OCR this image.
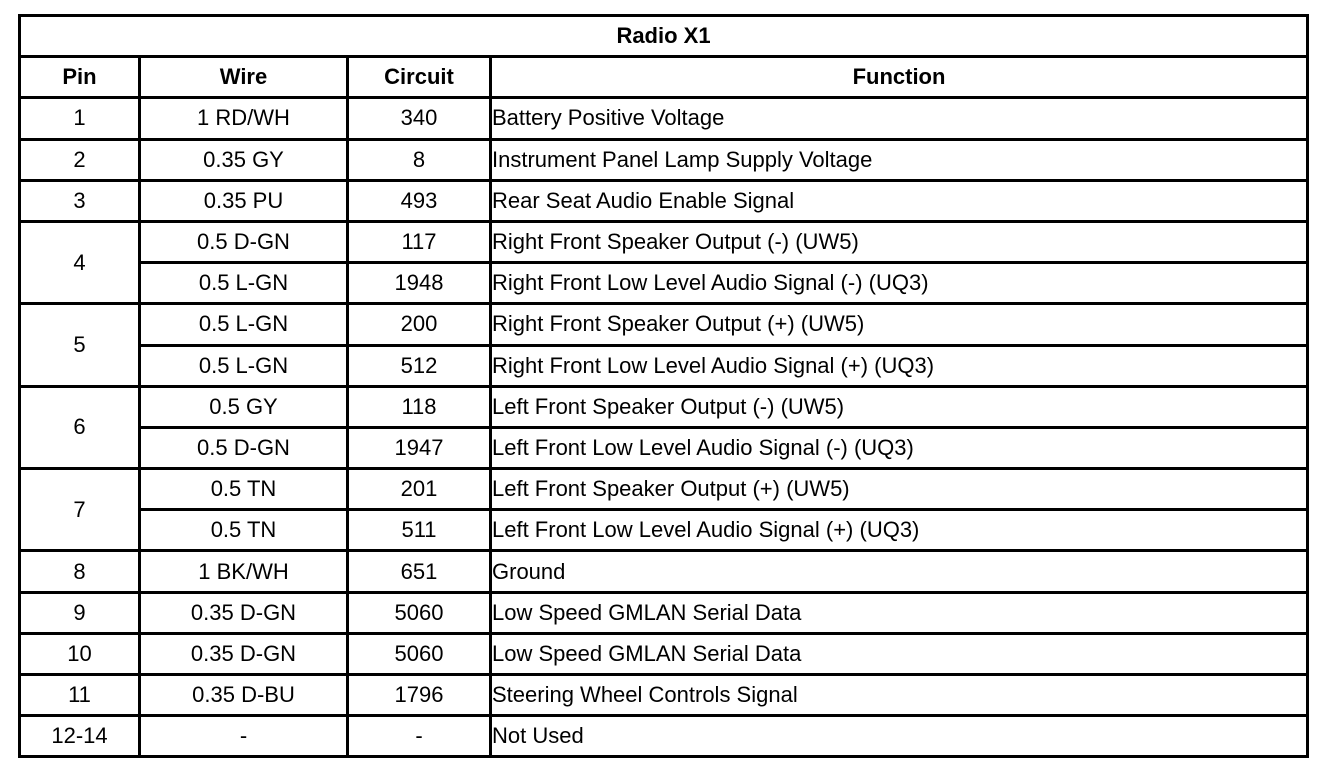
Radio X1			
Pin	Wire	Circuit	Function
1	1 RD/WH	340	Battery Positive Voltage
2	0.35 GY	8	Instrument Panel Lamp Supply Voltage
3	0.35 PU	493	Rear Seat Audio Enable Signal
4	0.5 D-GN	117	Right Front Speaker Output (-) (UW5)
	0.5 L-GN	1948	Right Front Low Level Audio Signal (-) (UQ3)
5	0.5 L-GN	200	Right Front Speaker Output (+) (UW5)
	0.5 L-GN	512	Right Front Low Level Audio Signal (+) (UQ3)
6	0.5 GY	118	Left Front Speaker Output (-) (UW5)
	0.5 D-GN	1947	Left Front Low Level Audio Signal (-) (UQ3)
7	0.5 TN	201	Left Front Speaker Output (+) (UW5)
	0.5 TN	511	Left Front Low Level Audio Signal (+) (UQ3)
8	1 BK/WH	651	Ground
9	0.35 D-GN	5060	Low Speed GMLAN Serial Data
10	0.35 D-GN	5060	Low Speed GMLAN Serial Data
11	0.35 D-BU	1796	Steering Wheel Controls Signal
12-14	-	-	Not Used
